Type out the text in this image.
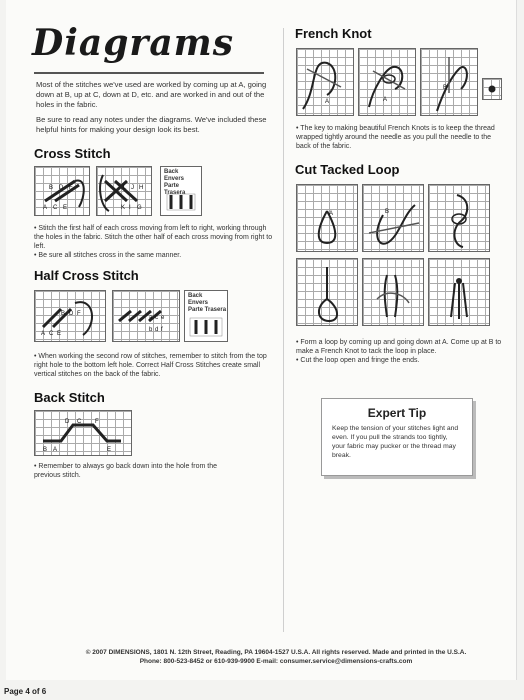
Diagrams

Most of the stitches we've used are worked by coming up at A, going down at B, up at C, down at D, etc. and are worked in and out of the holes in the fabric.

Be sure to read any notes under the diagrams. We've included these helpful hints for making your design look its best.

Cross Stitch
B D F
A C E
L J H
K I G
Back
Envers
Parte Trasera

• Stitch the first half of each cross moving from left to right, working through the holes in the fabric. Stitch the other half of each cross moving from right to left.

• Be sure all stitches cross in the same manner.

Half Cross Stitch
B D F
A C E
a c e
b d f
Back
Envers
Parte Trasera

• When working the second row of stitches, remember to stitch from the top right hole to the bottom left hole. Correct Half Cross Stitches create small vertical stitches on the back of the fabric.

Back Stitch
B A
D C F
E

• Remember to always go back down into the hole from the previous stitch.

French Knot
A	A
B

• The key to making beautiful French Knots is to keep the thread wrapped tightly around the needle as you pull the needle to the back of the fabric.

Cut Tacked Loop
A	B

• Form a loop by coming up and going down at A. Come up at B to make a French Knot to tack the loop in place.

• Cut the loop open and fringe the ends.

Expert Tip
Keep the tension of your stitches light and even. If you pull the strands too tightly, your fabric may pucker or the thread may break.
© 2007 DIMENSIONS, 1801 N. 12th Street, Reading, PA 19604-1527 U.S.A. All rights reserved. Made and printed in the U.S.A.
Phone: 800-523-8452 or 610-939-9900 E-mail: consumer.service@dimensions-crafts.com
Page 4 of 6
